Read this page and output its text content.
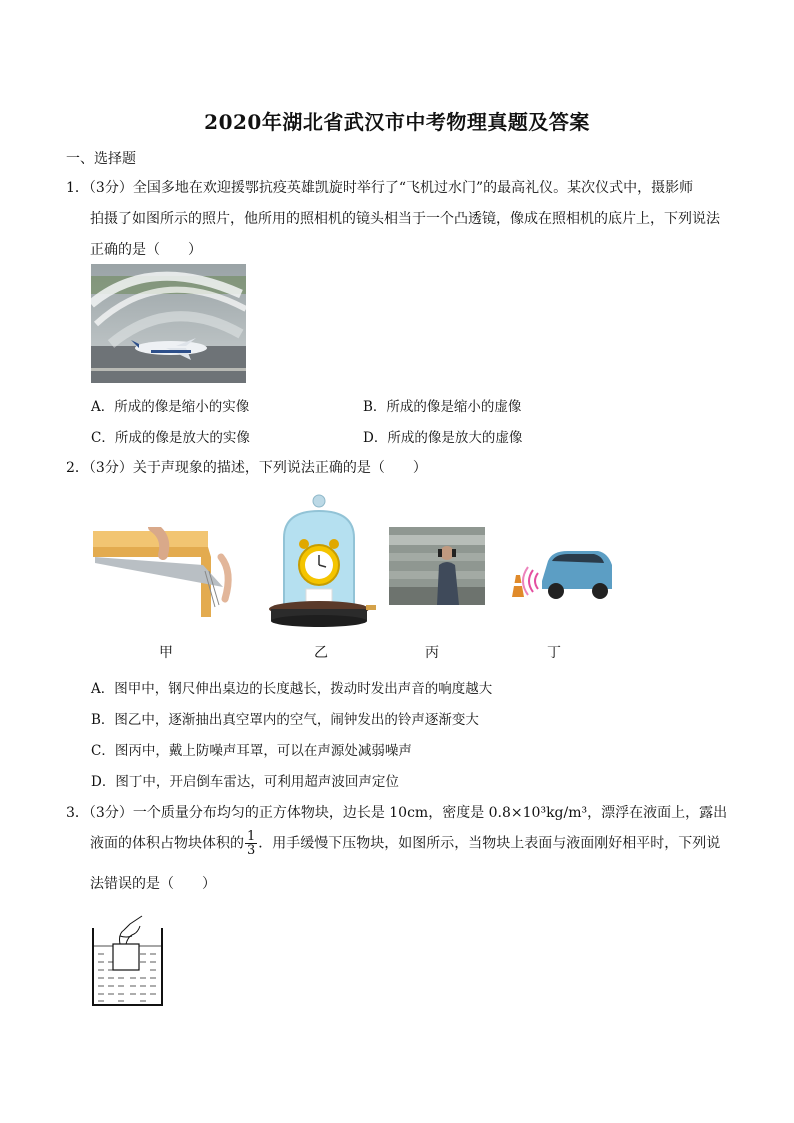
2020年湖北省武汉市中考物理真题及答案
一、选择题
1．（3分）全国多地在欢迎援鄂抗疫英雄凯旋时举行了“飞机过水门”的最高礼仪。某次仪式中，摄影师
拍摄了如图所示的照片，他所用的照相机的镜头相当于一个凸透镜，像成在照相机的底片上，下列说法
正确的是（　　）
A．所成的像是缩小的实像	B．所成的像是缩小的虚像
C．所成的像是放大的实像	D．所成的像是放大的虚像
2．（3分）关于声现象的描述，下列说法正确的是（　　）
甲	乙	丙	丁
A．图甲中，钢尺伸出桌边的长度越长，拨动时发出声音的响度越大
B．图乙中，逐渐抽出真空罩内的空气，闹钟发出的铃声逐渐变大
C．图丙中，戴上防噪声耳罩，可以在声源处减弱噪声
D．图丁中，开启倒车雷达，可利用超声波回声定位
3．（3分）一个质量分布均匀的正方体物块，边长是 10cm，密度是 0.8×10³kg/m³，漂浮在液面上，露出
液面的体积占物块体积的 $\frac{1}{3}$ ．用手缓慢下压物块，如图所示，当物块上表面与液面刚好相平时，下列说
法错误的是（　　）
